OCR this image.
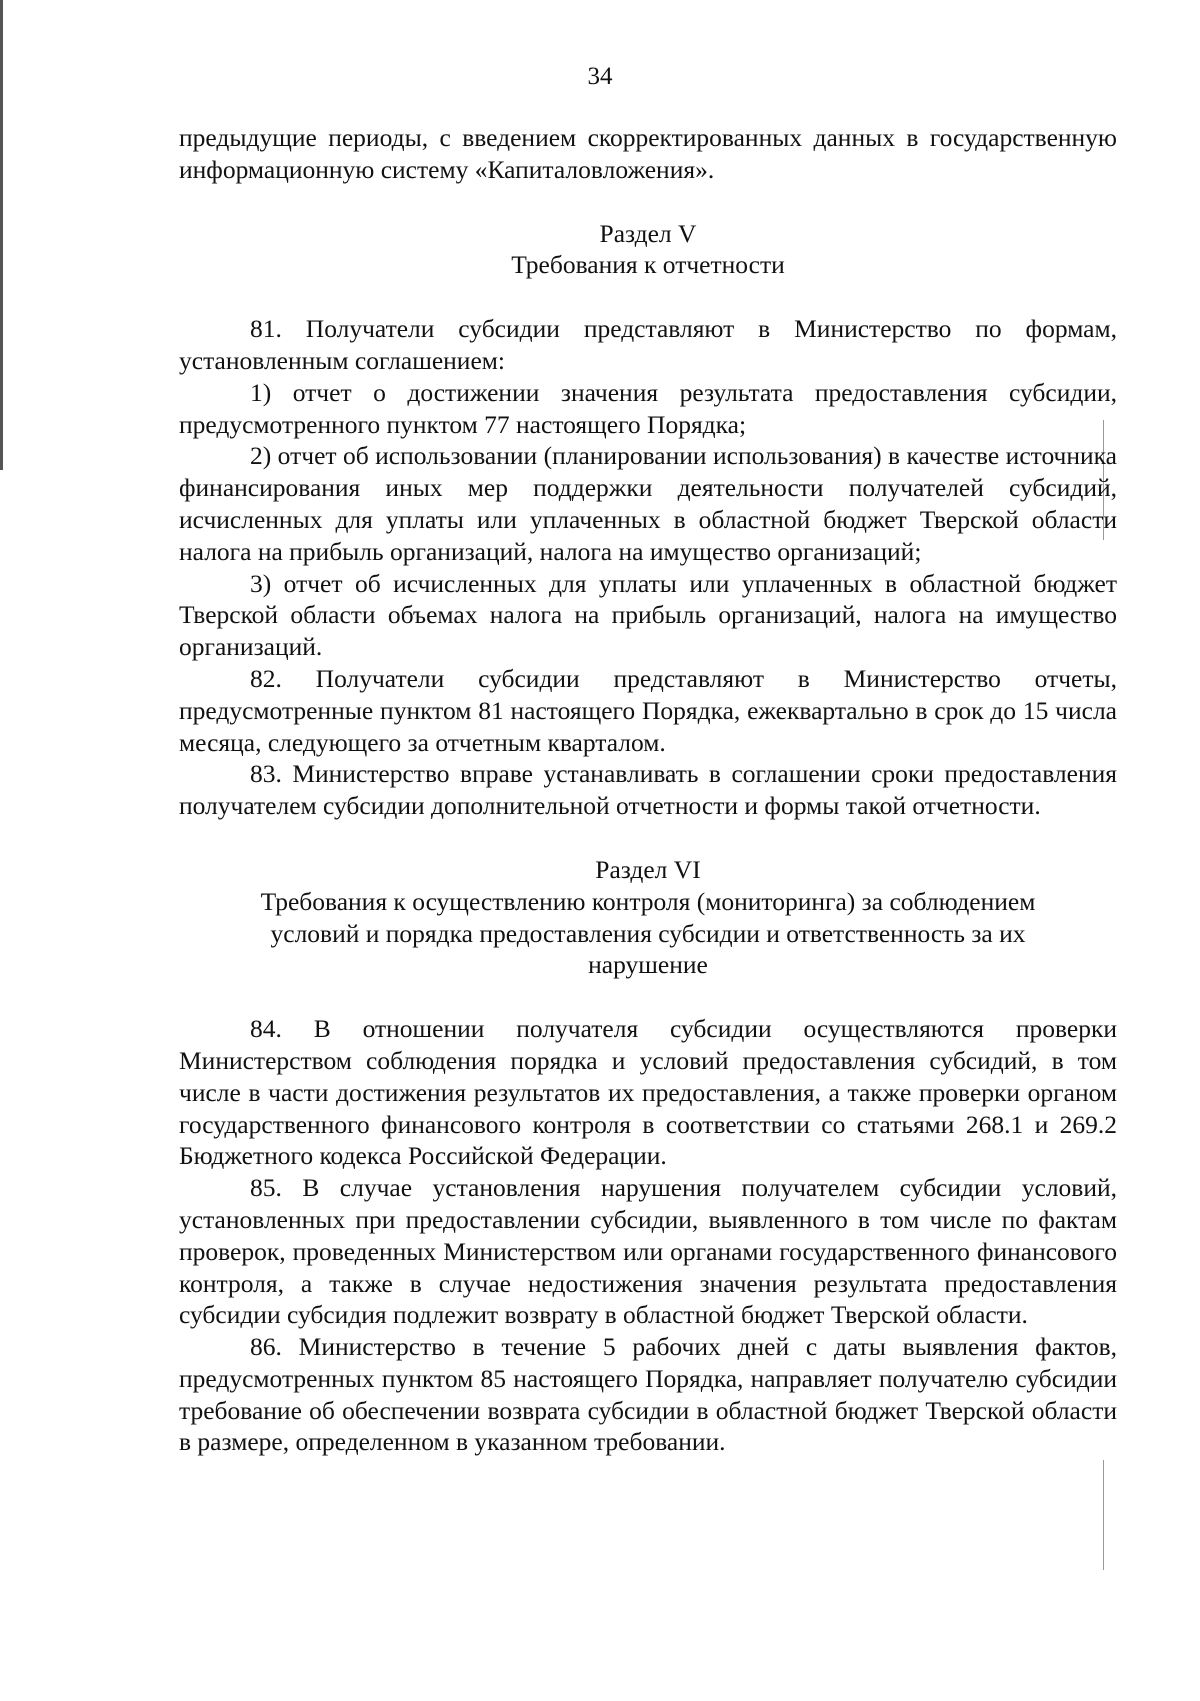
34

предыдущие периоды, с введением скорректированных данных в государственную информационную систему «Капиталовложения».

Раздел V

Требования к отчетности

81. Получатели субсидии представляют в Министерство по формам, установленным соглашением:

1) отчет о достижении значения результата предоставления субсидии, предусмотренного пунктом 77 настоящего Порядка;

2) отчет об использовании (планировании использования) в качестве источника финансирования иных мер поддержки деятельности получателей субсидий, исчисленных для уплаты или уплаченных в областной бюджет Тверской области налога на прибыль организаций, налога на имущество организаций;

3) отчет об исчисленных для уплаты или уплаченных в областной бюджет Тверской области объемах налога на прибыль организаций, налога на имущество организаций.

82. Получатели субсидии представляют в Министерство отчеты, предусмотренные пунктом 81 настоящего Порядка, ежеквартально в срок до 15 числа месяца, следующего за отчетным кварталом.

83. Министерство вправе устанавливать в соглашении сроки предоставления получателем субсидии дополнительной отчетности и формы такой отчетности.

Раздел VI

Требования к осуществлению контроля (мониторинга) за соблюдением

условий и порядка предоставления субсидии и ответственность за их

нарушение

84. В отношении получателя субсидии осуществляются проверки Министерством соблюдения порядка и условий предоставления субсидий, в том числе в части достижения результатов их предоставления, а также проверки органом государственного финансового контроля в соответствии со статьями 268.1 и 269.2 Бюджетного кодекса Российской Федерации.

85. В случае установления нарушения получателем субсидии условий, установленных при предоставлении субсидии, выявленного в том числе по фактам проверок, проведенных Министерством или органами государственного финансового контроля, а также в случае недостижения значения результата предоставления субсидии субсидия подлежит возврату в областной бюджет Тверской области.

86. Министерство в течение 5 рабочих дней с даты выявления фактов, предусмотренных пунктом 85 настоящего Порядка, направляет получателю субсидии требование об обеспечении возврата субсидии в областной бюджет Тверской области в размере, определенном в указанном требовании.
